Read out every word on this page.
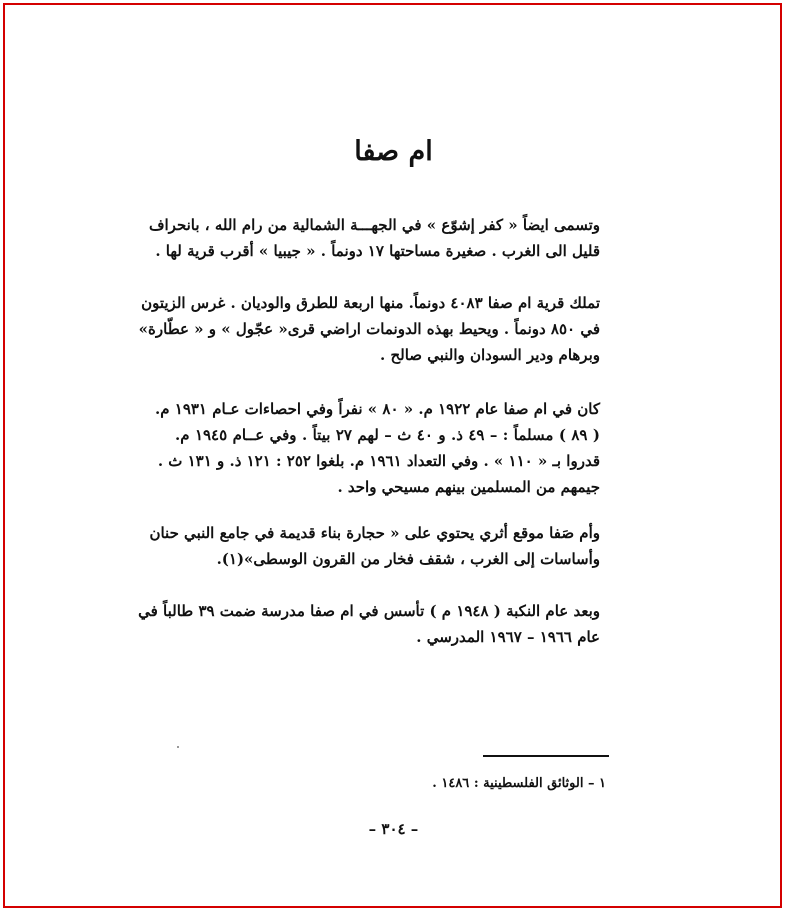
ام صفا
وتسمى ايضاً « كفر إشوّع » في الجهـــة الشمالية من رام الله ، بانحراف
قليل الى الغرب . صغيرة مساحتها ١٧ دونماً . « جيبيا » أقرب قرية لها .
تملك قرية ام صفا ٤٠٨٣ دونماً. منها اربعة للطرق والوديان . غرس الزيتون
في ٨٥٠ دونماً . ويحيط بهذه الدونمات اراضي قرى« عجّول » و « عطّارة»
وبرهام ودير السودان والنبي صالح .
كان في ام صفا عام ١٩٢٢ م. « ٨٠ » نفراً وفي احصاءات عـام ١٩٣١ م.
( ٨٩ ) مسلماً : – ٤٩ ذ. و ٤٠ ث – لهم ٢٧ بيتاً . وفي عــام ١٩٤٥ م.
قدروا بـ « ١١٠ » . وفي التعداد ١٩٦١ م. بلغوا ٢٥٢ : ١٢١ ذ. و ١٣١ ث .
جيمهم من المسلمين بينهم مسيحي واحد .
وأم صَفا موقع أثري يحتوي على « حجارة بناء قديمة في جامع النبي حنان
وأساسات إلى الغرب ، شقف فخار من القرون الوسطى»(١).
وبعد عام النكبة ( ١٩٤٨ م ) تأسس في ام صفا مدرسة ضمت ٣٩ طالباً في
عام ١٩٦٦ – ١٩٦٧ المدرسي .
١ – الوثائق الفلسطينية : ١٤٨٦ .
– ٣٠٤ –
